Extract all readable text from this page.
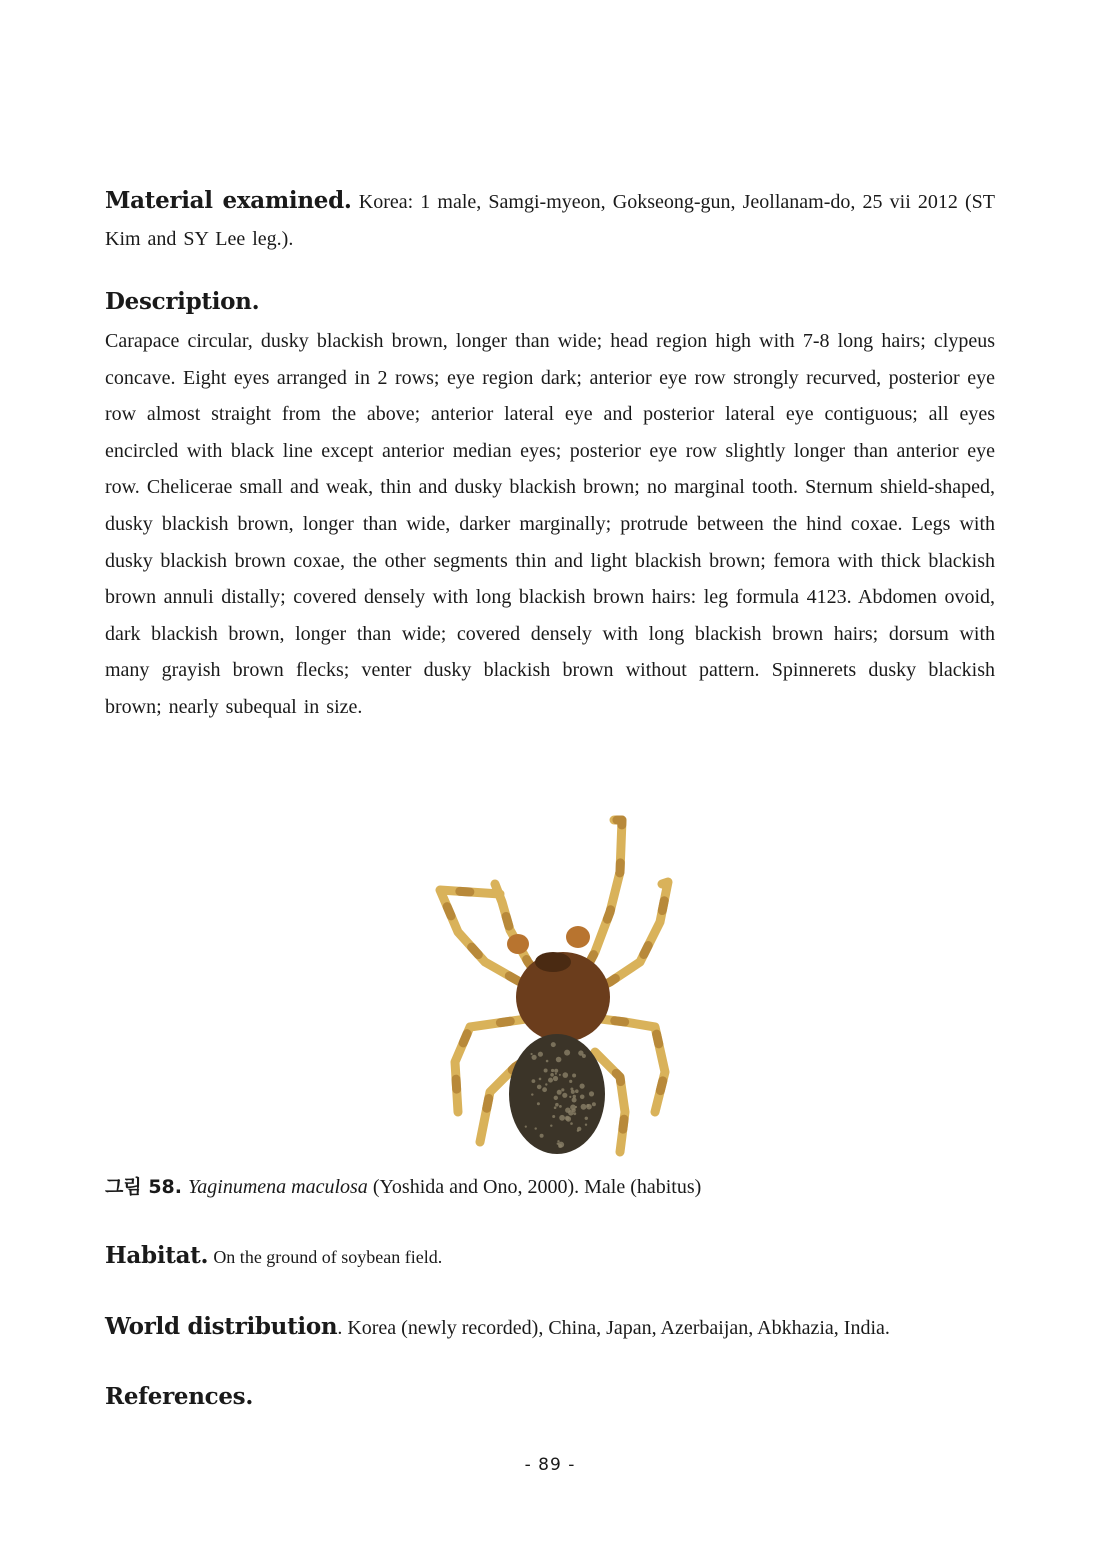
Material examined. Korea: 1 male, Samgi-myeon, Gokseong-gun, Jeollanam-do, 25 vii 2012 (ST Kim and SY Lee leg.).
Description.
Carapace circular, dusky blackish brown, longer than wide; head region high with 7-8 long hairs; clypeus concave. Eight eyes arranged in 2 rows; eye region dark; anterior eye row strongly recurved, posterior eye row almost straight from the above; anterior lateral eye and posterior lateral eye contiguous; all eyes encircled with black line except anterior median eyes; posterior eye row slightly longer than anterior eye row. Chelicerae small and weak, thin and dusky blackish brown; no marginal tooth. Sternum shield-shaped, dusky blackish brown, longer than wide, darker marginally; protrude between the hind coxae. Legs with dusky blackish brown coxae, the other segments thin and light blackish brown; femora with thick blackish brown annuli distally; covered densely with long blackish brown hairs: leg formula 4123. Abdomen ovoid, dark blackish brown, longer than wide; covered densely with long blackish brown hairs; dorsum with many grayish brown flecks; venter dusky blackish brown without pattern. Spinnerets dusky blackish brown; nearly subequal in size.
그림 58. Yaginumena maculosa (Yoshida and Ono, 2000). Male (habitus)
Habitat. On the ground of soybean field.
World distribution. Korea (newly recorded), China, Japan, Azerbaijan, Abkhazia, India.
References.
- 89 -
